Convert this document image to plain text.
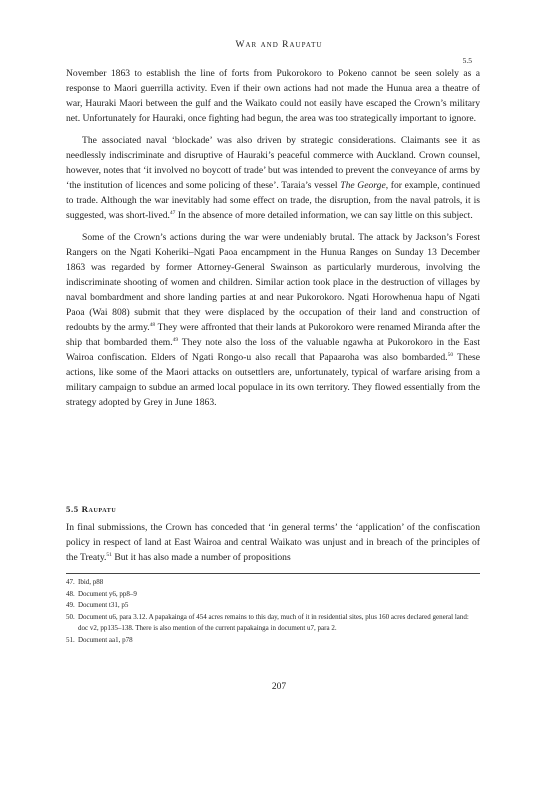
War and Raupatu
5.5

November 1863 to establish the line of forts from Pukorokoro to Pokeno cannot be seen solely as a response to Maori guerrilla activity. Even if their own actions had not made the Hunua area a theatre of war, Hauraki Maori between the gulf and the Waikato could not easily have escaped the Crown’s military net. Unfortunately for Hauraki, once fighting had begun, the area was too strategically important to ignore.

The associated naval ‘blockade’ was also driven by strategic considerations. Claimants see it as needlessly indiscriminate and disruptive of Hauraki’s peaceful commerce with Auckland. Crown counsel, however, notes that ‘it involved no boycott of trade’ but was intended to prevent the conveyance of arms by ‘the institution of licences and some policing of these’. Taraia’s vessel The George, for example, continued to trade. Although the war inevitably had some effect on trade, the disruption, from the naval patrols, it is suggested, was short-lived.$^{47}$ In the absence of more detailed information, we can say little on this subject.

Some of the Crown’s actions during the war were undeniably brutal. The attack by Jackson’s Forest Rangers on the Ngati Koheriki–Ngati Paoa encampment in the Hunua Ranges on Sunday 13 December 1863 was regarded by former Attorney-General Swainson as particularly murderous, involving the indiscriminate shooting of women and children. Similar action took place in the destruction of villages by naval bombardment and shore landing parties at and near Pukorokoro. Ngati Horowhenua hapu of Ngati Paoa (Wai 808) submit that they were displaced by the occupation of their land and construction of redoubts by the army.$^{48}$ They were affronted that their lands at Pukorokoro were renamed Miranda after the ship that bombarded them.$^{49}$ They note also the loss of the valuable ngawha at Pukorokoro in the East Wairoa confiscation. Elders of Ngati Rongo-u also recall that Papaaroha was also bombarded.$^{50}$ These actions, like some of the Maori attacks on outsettlers are, unfortunately, typical of warfare arising from a military campaign to subdue an armed local populace in its own territory. They flowed essentially from the strategy adopted by Grey in June 1863.

5.5 Raupatu

In final submissions, the Crown has conceded that ‘in general terms’ the ‘application’ of the confiscation policy in respect of land at East Wairoa and central Waikato was unjust and in breach of the principles of the Treaty.$^{51}$ But it has also made a number of propositions

47. Ibid, p88
48. Document y6, pp8–9
49. Document t31, p5
50. Document u6, para 3.12. A papakainga of 454 acres remains to this day, much of it in residential sites, plus 160 acres declared general land: doc v2, pp135–138. There is also mention of the current papakainga in document u7, para 2.
51. Document aa1, p78
207
